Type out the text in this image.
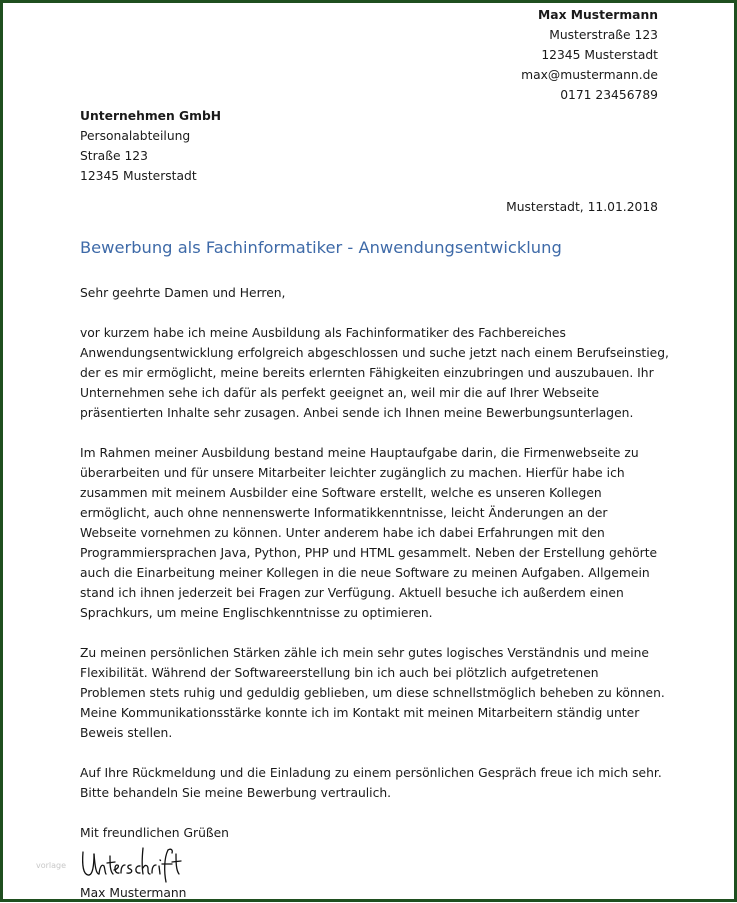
Max Mustermann
Musterstraße 123
12345 Musterstadt
max@mustermann.de
0171 23456789
Unternehmen GmbH
Personalabteilung
Straße 123
12345 Musterstadt
Musterstadt, 11.01.2018
Bewerbung als Fachinformatiker - Anwendungsentwicklung
Sehr geehrte Damen und Herren,
vor kurzem habe ich meine Ausbildung als Fachinformatiker des Fachbereiches
Anwendungsentwicklung erfolgreich abgeschlossen und suche jetzt nach einem Berufseinstieg,
der es mir ermöglicht, meine bereits erlernten Fähigkeiten einzubringen und auszubauen. Ihr
Unternehmen sehe ich dafür als perfekt geeignet an, weil mir die auf Ihrer Webseite
präsentierten Inhalte sehr zusagen. Anbei sende ich Ihnen meine Bewerbungsunterlagen.
Im Rahmen meiner Ausbildung bestand meine Hauptaufgabe darin, die Firmenwebseite zu
überarbeiten und für unsere Mitarbeiter leichter zugänglich zu machen. Hierfür habe ich
zusammen mit meinem Ausbilder eine Software erstellt, welche es unseren Kollegen
ermöglicht, auch ohne nennenswerte Informatikkenntnisse, leicht Änderungen an der
Webseite vornehmen zu können. Unter anderem habe ich dabei Erfahrungen mit den
Programmiersprachen Java, Python, PHP und HTML gesammelt. Neben der Erstellung gehörte
auch die Einarbeitung meiner Kollegen in die neue Software zu meinen Aufgaben. Allgemein
stand ich ihnen jederzeit bei Fragen zur Verfügung. Aktuell besuche ich außerdem einen
Sprachkurs, um meine Englischkenntnisse zu optimieren.
Zu meinen persönlichen Stärken zähle ich mein sehr gutes logisches Verständnis und meine
Flexibilität. Während der Softwareerstellung bin ich auch bei plötzlich aufgetretenen
Problemen stets ruhig und geduldig geblieben, um diese schnellstmöglich beheben zu können.
Meine Kommunikationsstärke konnte ich im Kontakt mit meinen Mitarbeitern ständig unter
Beweis stellen.
Auf Ihre Rückmeldung und die Einladung zu einem persönlichen Gespräch freue ich mich sehr.
Bitte behandeln Sie meine Bewerbung vertraulich.
Mit freundlichen Grüßen
vorlage
Max Mustermann
